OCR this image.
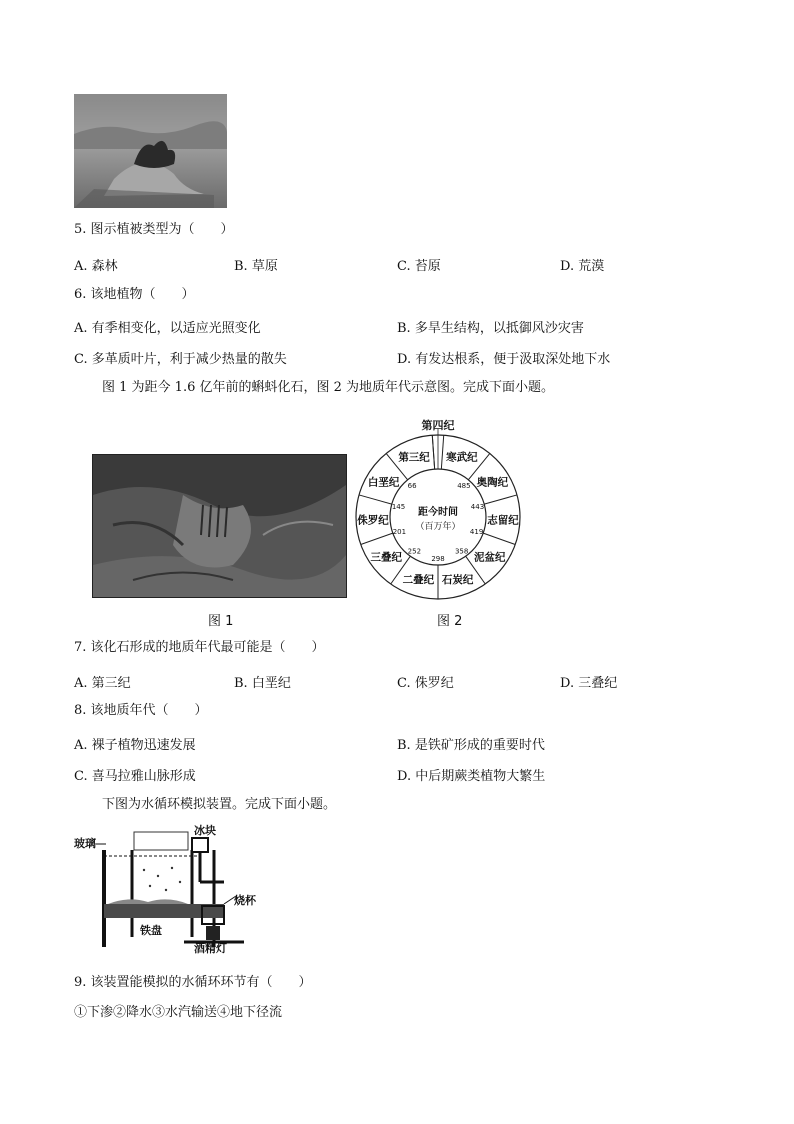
5. 图示植被类型为（　　）
A. 森林	B. 草原	C. 苔原	D. 荒漠
6. 该地植物（　　）
A. 有季相变化，以适应光照变化	B. 多旱生结构，以抵御风沙灾害
C. 多革质叶片，利于减少热量的散失	D. 有发达根系，便于汲取深处地下水
图 1 为距今 1.6 亿年前的蝌蚪化石，图 2 为地质年代示意图。完成下面小题。
图 1
第四纪
寒武纪
485 奥陶纪
443
志留纪
419
泥盆纪
358
石炭纪
298
二叠纪
252
三叠纪
201
侏罗纪
145
白垩纪 66
第三纪
距今时间
（百万年）
图 2
7. 该化石形成的地质年代最可能是（　　）
A. 第三纪	B. 白垩纪	C. 侏罗纪	D. 三叠纪
8. 该地质年代（　　）
A. 裸子植物迅速发展	B. 是铁矿形成的重要时代
C. 喜马拉雅山脉形成	D. 中后期蕨类植物大繁生
下图为水循环模拟装置。完成下面小题。
玻璃
冰块
烧杯
铁盘
酒精灯
9. 该装置能模拟的水循环环节有（　　）
①下渗②降水③水汽输送④地下径流
